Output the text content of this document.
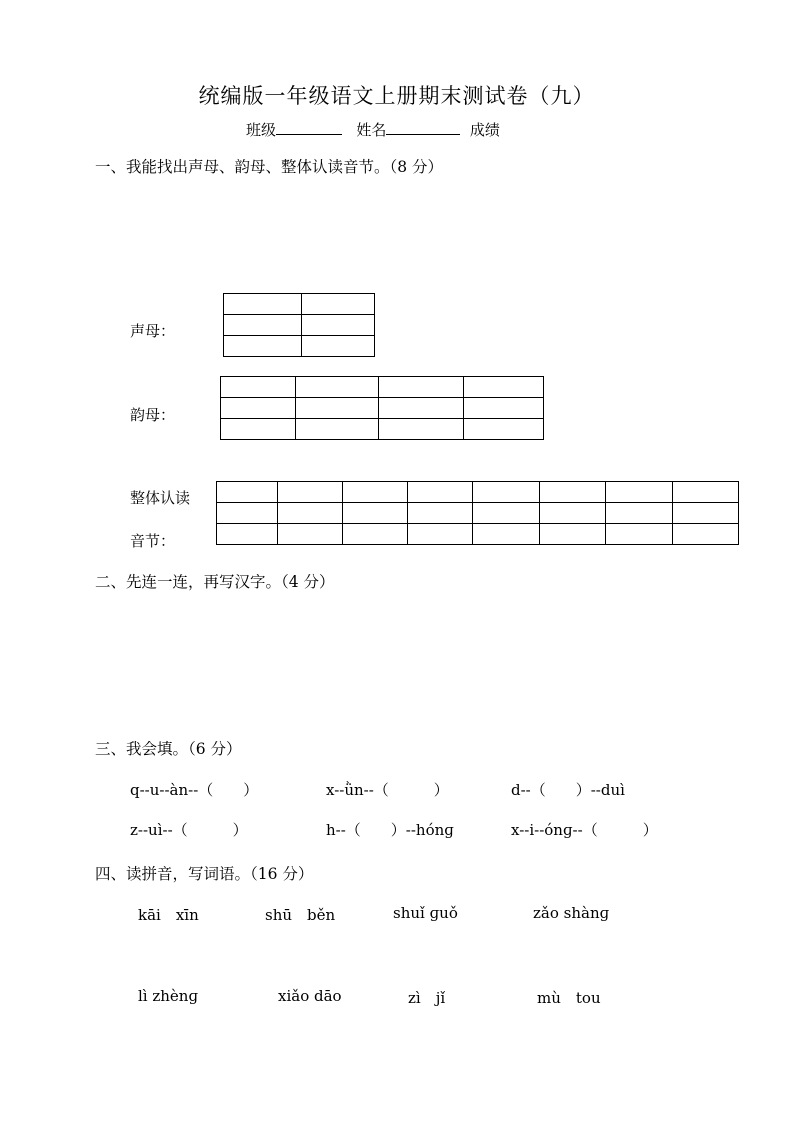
统编版一年级语文上册期末测试卷（九）
班级	姓名	成绩
一、我能找出声母、韵母、整体认读音节。（8 分）
声母：

韵母：

整体认读
音节：

二、先连一连，再写汉字。（4 分）
三、我会填。（6 分）
q--u--àn--（　　）	x--ǜn--（　　　）	d--（　　）--duì
z--uì--（　　　）	h--（　　）--hónɡ	x--i--ónɡ--（　　　）
四、读拼音，写词语。（16 分）
kāi　xīn	shū　běn	shuǐ ɡuǒ	zǎo shànɡ
lì zhènɡ	xiǎo dāo	zì　jǐ	mù　tou
